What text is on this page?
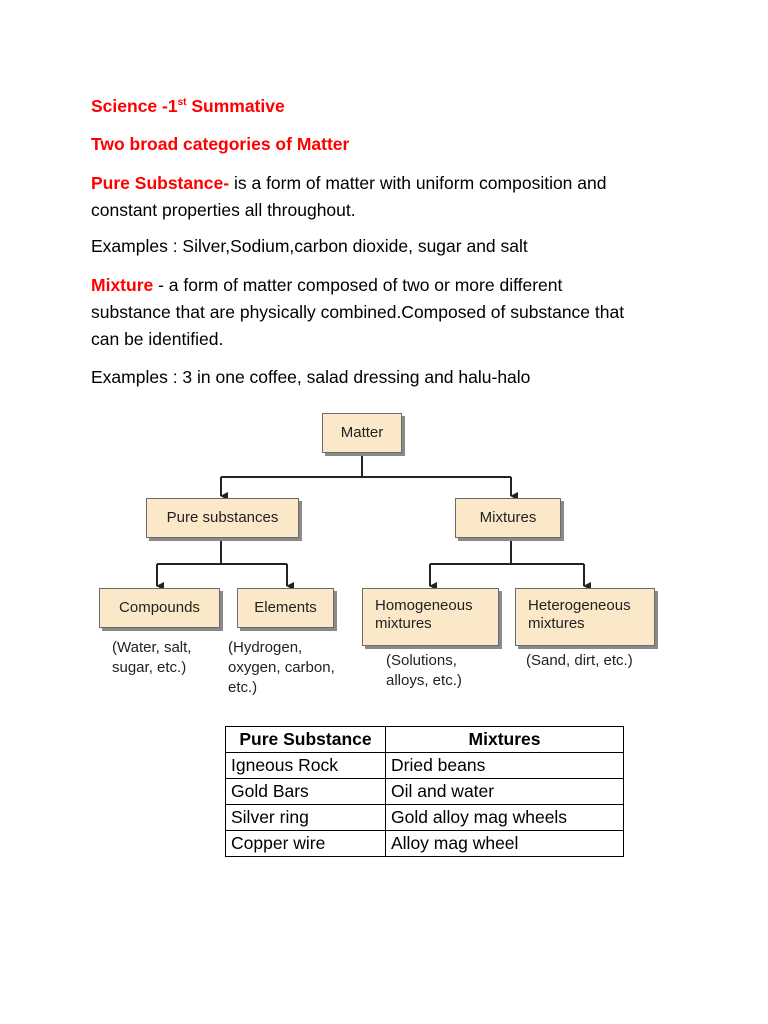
Science -1st Summative

Two broad categories of Matter

Pure Substance- is a form of matter with uniform composition and

constant properties all throughout.

Examples : Silver,Sodium,carbon dioxide, sugar and salt

Mixture - a form of matter composed of two or more different

substance that are physically combined.Composed of substance that

can be identified.

Examples : 3 in one coffee, salad dressing and halu-halo

Matter
Pure substances	Mixtures
Compounds	Elements	Homogeneous
mixtures
Heterogeneous
mixtures
(Water, salt,
sugar, etc.)
(Hydrogen,
oxygen, carbon,
etc.)
(Solutions,
alloys, etc.)
(Sand, dirt, etc.)
Pure Substance	Mixtures
Igneous Rock	Dried beans
Gold Bars	Oil and water
Silver ring	Gold alloy mag wheels
Copper wire	Alloy mag wheel
